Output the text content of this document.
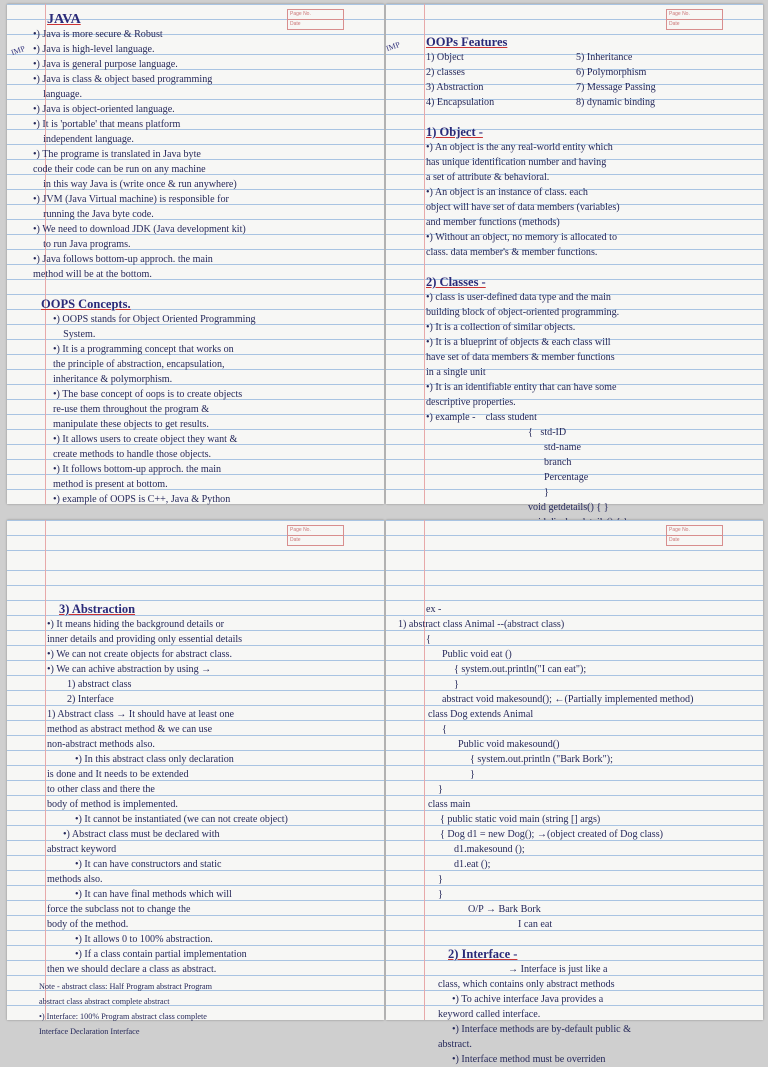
Page No.
Date
IMP

JAVA

•) Java is more secure & Robust

•) Java is high-level language.

•) Java is general purpose language.

•) Java is class & object based programming

language.

•) Java is object-oriented language.

•) It is 'portable' that means platform

independent language.

•) The programe is translated in Java byte

code their code can be run on any machine

in this way Java is (write once & run anywhere)

•) JVM (Java Virtual machine) is responsible for

running the Java byte code.

•) We need to download JDK (Java development kit)

to run Java programs.

•) Java follows bottom-up approch. the main

method will be at the bottom.

OOPS Concepts.

•) OOPS stands for Object Oriented Programming

System.

•) It is a programming concept that works on

the principle of abstraction, encapsulation,

inheritance & polymorphism.

•) The base concept of oops is to create objects

re-use them throughout the program &

manipulate these objects to get results.

•) It allows users to create object they want &

create methods to handle those objects.

•) It follows bottom-up approch. the main

method is present at bottom.

•) example of OOPS is C++, Java & Python

Page No.
Date
IMP	OOPs Features

1) Object	5) Inheritance
2) classes	6) Polymorphism
3) Abstraction	7) Message Passing
4) Encapsulation	8) dynamic binding

1) Object -

•) An object is the any real-world entity which

has unique identification number and having

a set of attribute & behavioral.

•) An object is an instance of class. each

object will have set of data members (variables)

and member functions (methods)

•) Without an object, no memory is allocated to

class. data member's & member functions.

2) Classes -

•) class is user-defined data type and the main

building block of object-oriented programming.

•) It is a collection of similar objects.

•) It is a blueprint of objects & each class will

have set of data members & member functions

in a single unit

•) It is an identifiable entity that can have some

descriptive properties.

•) example -    class student

{   std-ID

std-name

branch

Percentage

}

void getdetails() { }

Page No.
Date

3) Abstraction

•) It means hiding the background details or

inner details and providing only essential details

•) We can not create objects for abstract class.

•) We can achive abstraction by using →

1) abstract class

2) Interface

1) Abstract class → It should have at least one

method as abstract method & we can use

non-abstract methods also.

•) In this abstract class only declaration

is done and It needs to be extended

to other class and there the

body of method is implemented.

•) It cannot be instantiated (we can not create object)

•) Abstract class must be declared with

abstract keyword

•) It can have constructors and static

methods also.

•) It can have final methods which will

force the subclass not to change the

body of the method.

•) It allows 0 to 100% abstraction.

•) If a class contain partial implementation

then we should declare a class as abstract.

Note - abstract class: Half Program abstract Program

abstract class abstract complete abstract

•) Interface: 100% Program abstract class complete

Interface Declaration Interface

Page No.
Date

ex -

1) abstract class Animal --(abstract class)

{

Public void eat ()

{ system.out.println("I can eat");

}

abstract void makesound(); ←(Partially implemented method)

class Dog extends Animal

{

Public void makesound()

{ system.out.println ("Bark Bork");

}

}

class main

{ public static void main (string [] args)

{ Dog d1 = new Dog(); →(object created of Dog class)

d1.makesound ();

d1.eat ();

}

}

O/P → Bark Bork

I can eat

2) Interface -

→ Interface is just like a

class, which contains only abstract methods

•) To achive interface Java provides a

keyword called interface.

•) Interface methods are by-default public &

abstract.

•) Interface method must be overriden
